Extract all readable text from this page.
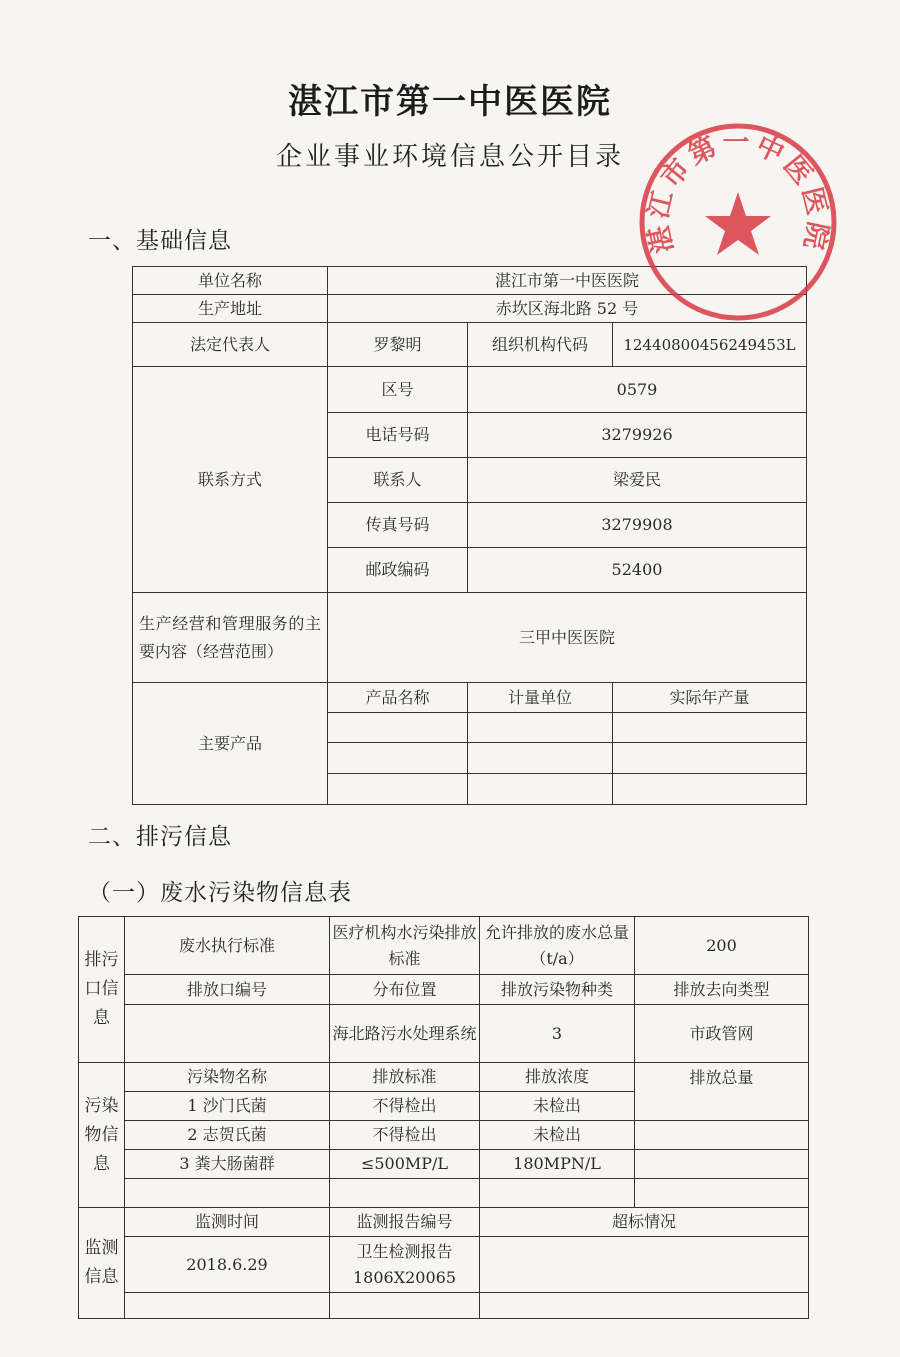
湛江市第一中医医院
企业事业环境信息公开目录
一、基础信息
单位名称	湛江市第一中医医院		
生产地址	赤坎区海北路 52 号		
法定代表人	罗黎明	组织机构代码	12440800456249453L
联系方式	区号	0579	
	电话号码	3279926	
	联系人	梁爱民	
	传真号码	3279908	
	邮政编码	52400	
生产经营和管理服务的主要内容（经营范围）	三甲中医医院		
主要产品	产品名称	计量单位	实际年产量

二、排污信息
（一）废水污染物信息表
排污口信息	废水执行标准	医疗机构水污染排放标准	允许排放的废水总量（t/a）	200
	排放口编号	分布位置	排放污染物种类	排放去向类型
		海北路污水处理系统	3	市政管网
污染物信息	污染物名称	排放标准	排放浓度	排放总量
	1 沙门氏菌	不得检出	未检出	
	2 志贺氏菌	不得检出	未检出	
	3 粪大肠菌群	≤500MP/L	180MPN/L	

监测信息	监测时间	监测报告编号	超标情况	
	2018.6.29	卫生检测报告1806X20065		

湛江市第一中医医院
